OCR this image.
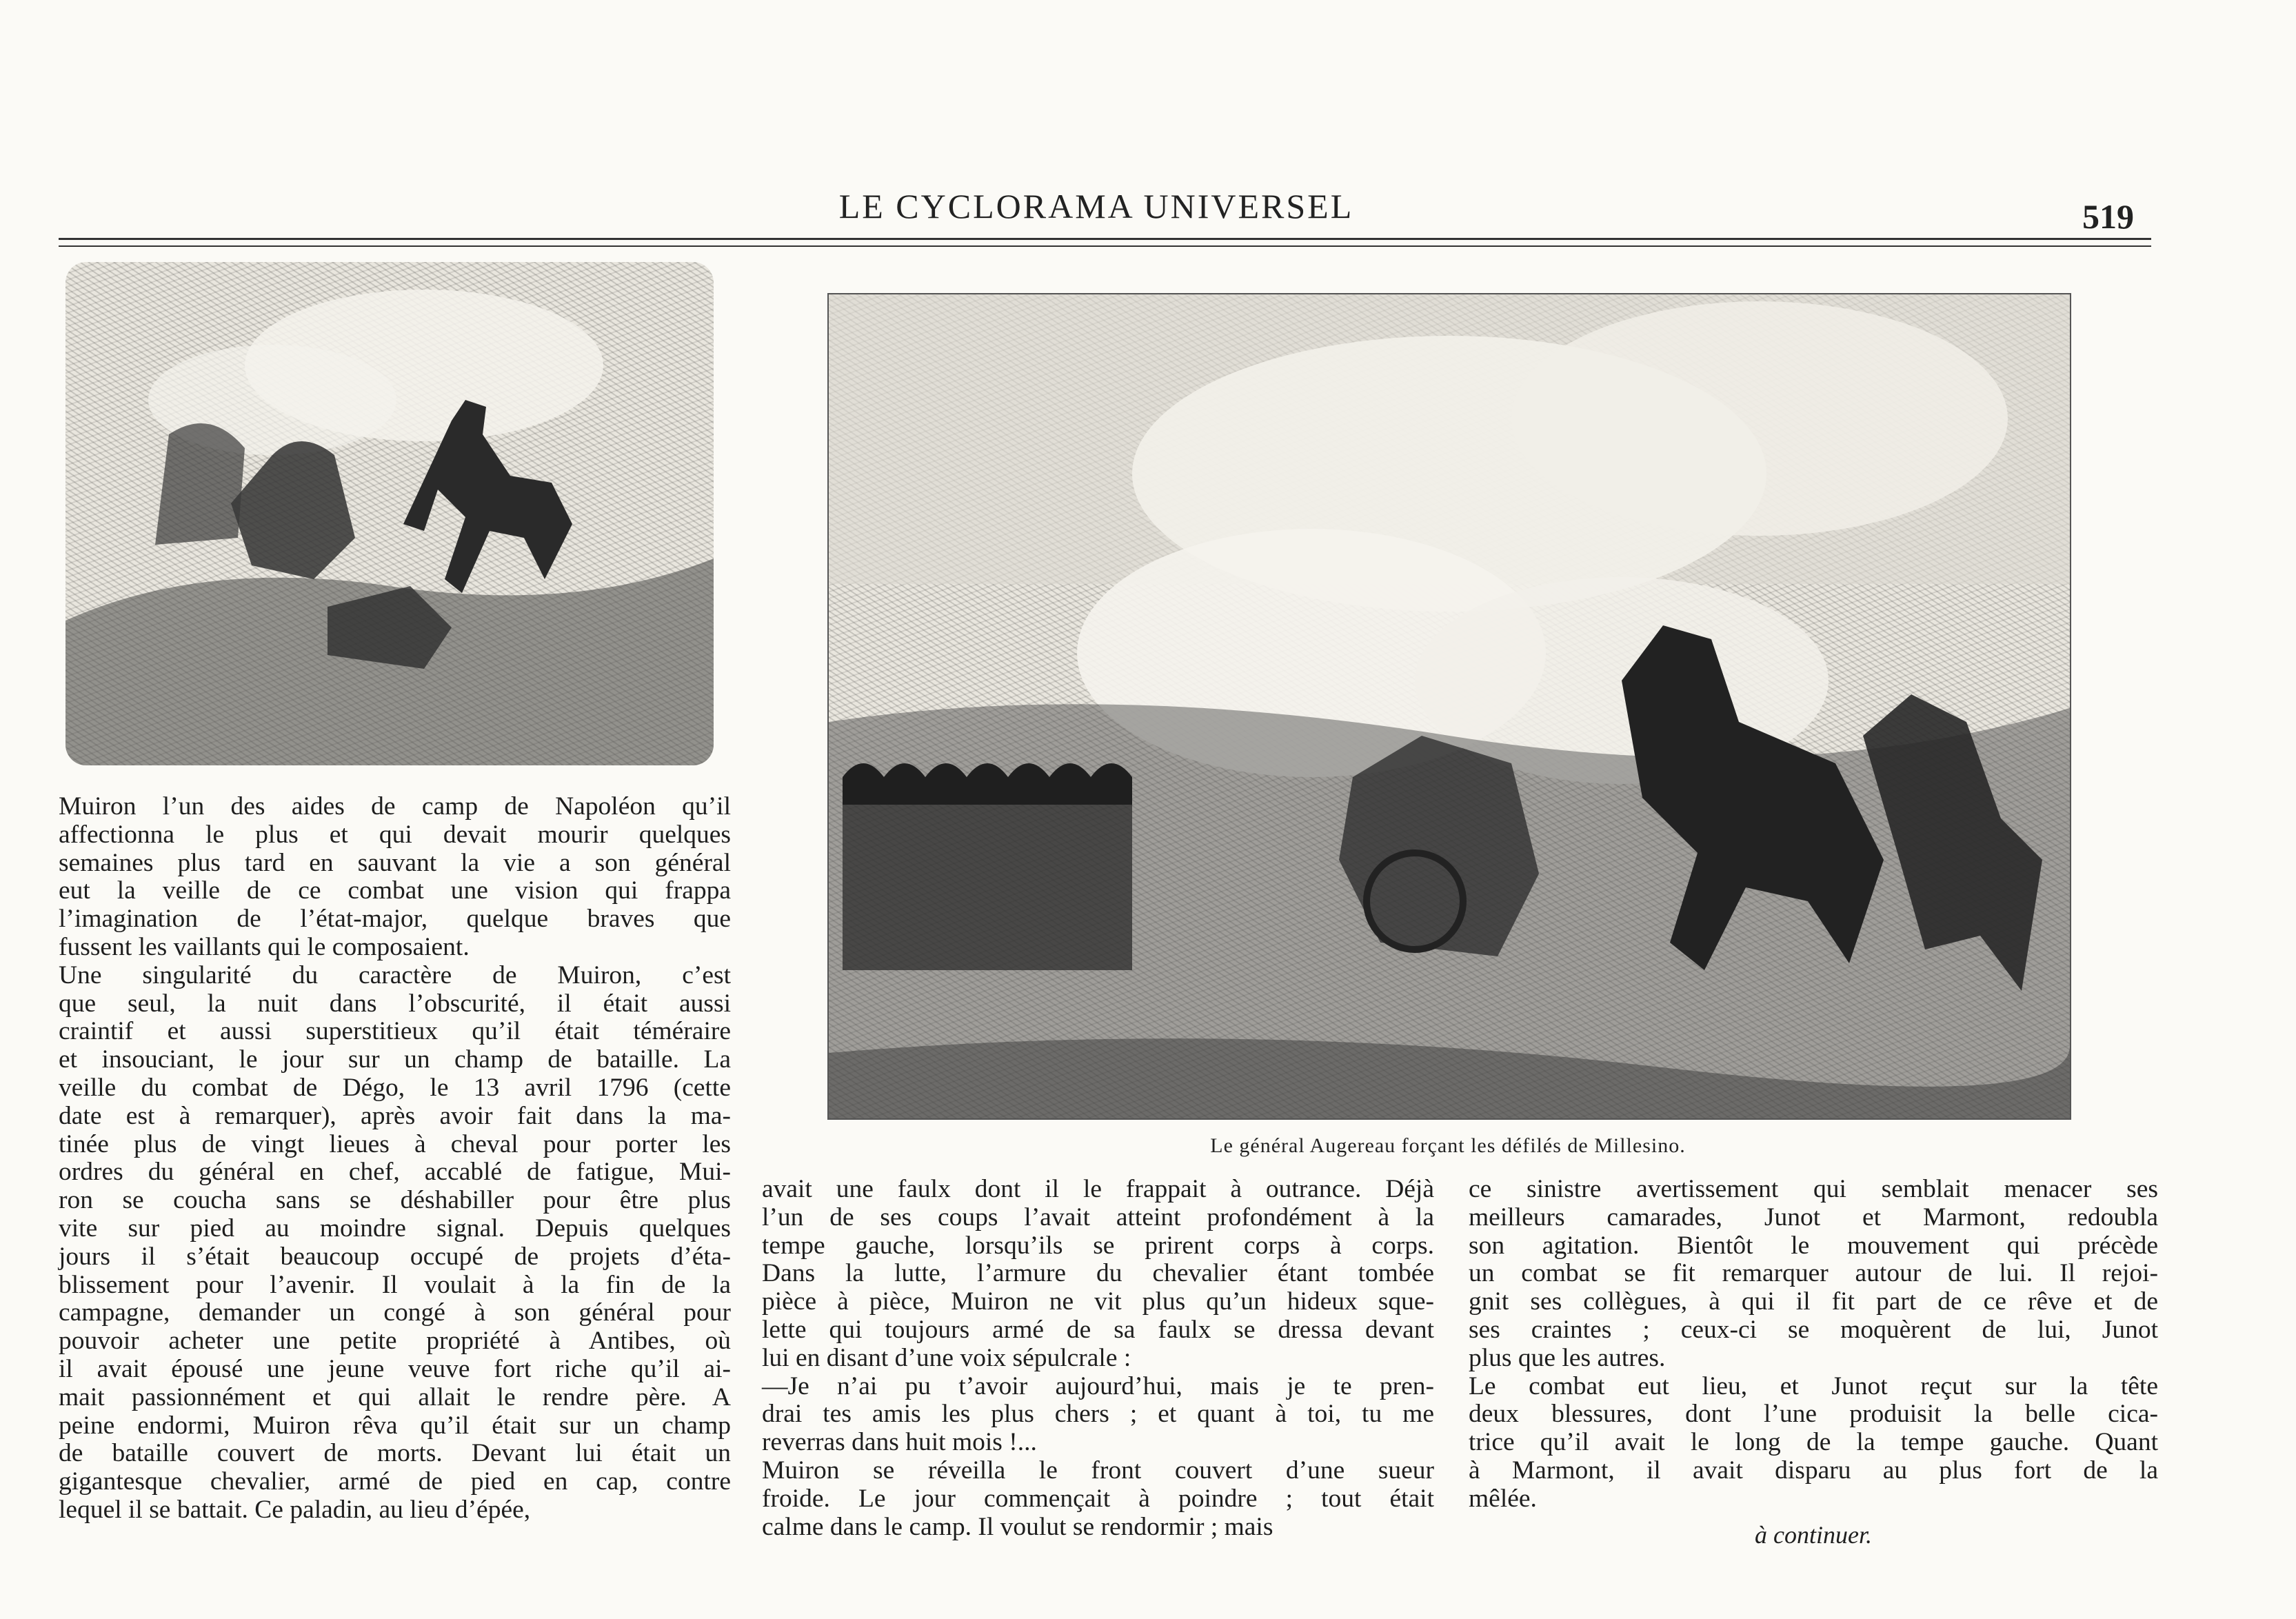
LE CYCLORAMA UNIVERSEL	519
Le général Augereau forçant les défilés de Millesino.
Muiron l’un des aides de camp de Napoléon qu’il
affectionna le plus et qui devait mourir quelques
semaines plus tard en sauvant la vie a son général
eut la veille de ce combat une vision qui frappa
l’imagination de l’état-major, quelque braves que
fussent les vaillants qui le composaient.
Une singularité du caractère de Muiron, c’est
que seul, la nuit dans l’obscurité, il était aussi
craintif et aussi superstitieux qu’il était téméraire
et insouciant, le jour sur un champ de bataille. La
veille du combat de Dégo, le 13 avril 1796 (cette
date est à remarquer), après avoir fait dans la ma-
tinée plus de vingt lieues à cheval pour porter les
ordres du général en chef, accablé de fatigue, Mui-
ron se coucha sans se déshabiller pour être plus
vite sur pied au moindre signal. Depuis quelques
jours il s’était beaucoup occupé de projets d’éta-
blissement pour l’avenir. Il voulait à la fin de la
campagne, demander un congé à son général pour
pouvoir acheter une petite propriété à Antibes, où
il avait épousé une jeune veuve fort riche qu’il ai-
mait passionnément et qui allait le rendre père. A
peine endormi, Muiron rêva qu’il était sur un champ
de bataille couvert de morts. Devant lui était un
gigantesque chevalier, armé de pied en cap, contre
lequel il se battait. Ce paladin, au lieu d’épée,
avait une faulx dont il le frappait à outrance. Déjà
l’un de ses coups l’avait atteint profondément à la
tempe gauche, lorsqu’ils se prirent corps à corps.
Dans la lutte, l’armure du chevalier étant tombée
pièce à pièce, Muiron ne vit plus qu’un hideux sque-
lette qui toujours armé de sa faulx se dressa devant
lui en disant d’une voix sépulcrale :
—Je n’ai pu t’avoir aujourd’hui, mais je te pren-
drai tes amis les plus chers ; et quant à toi, tu me
reverras dans huit mois !...
Muiron se réveilla le front couvert d’une sueur
froide. Le jour commençait à poindre ; tout était
calme dans le camp. Il voulut se rendormir ; mais
ce sinistre avertissement qui semblait menacer ses
meilleurs camarades, Junot et Marmont, redoubla
son agitation. Bientôt le mouvement qui précède
un combat se fit remarquer autour de lui. Il rejoi-
gnit ses collègues, à qui il fit part de ce rêve et de
ses craintes ; ceux-ci se moquèrent de lui, Junot
plus que les autres.
Le combat eut lieu, et Junot reçut sur la tête
deux blessures, dont l’une produisit la belle cica-
trice qu’il avait le long de la tempe gauche. Quant
à Marmont, il avait disparu au plus fort de la
mêlée.
à continuer.
